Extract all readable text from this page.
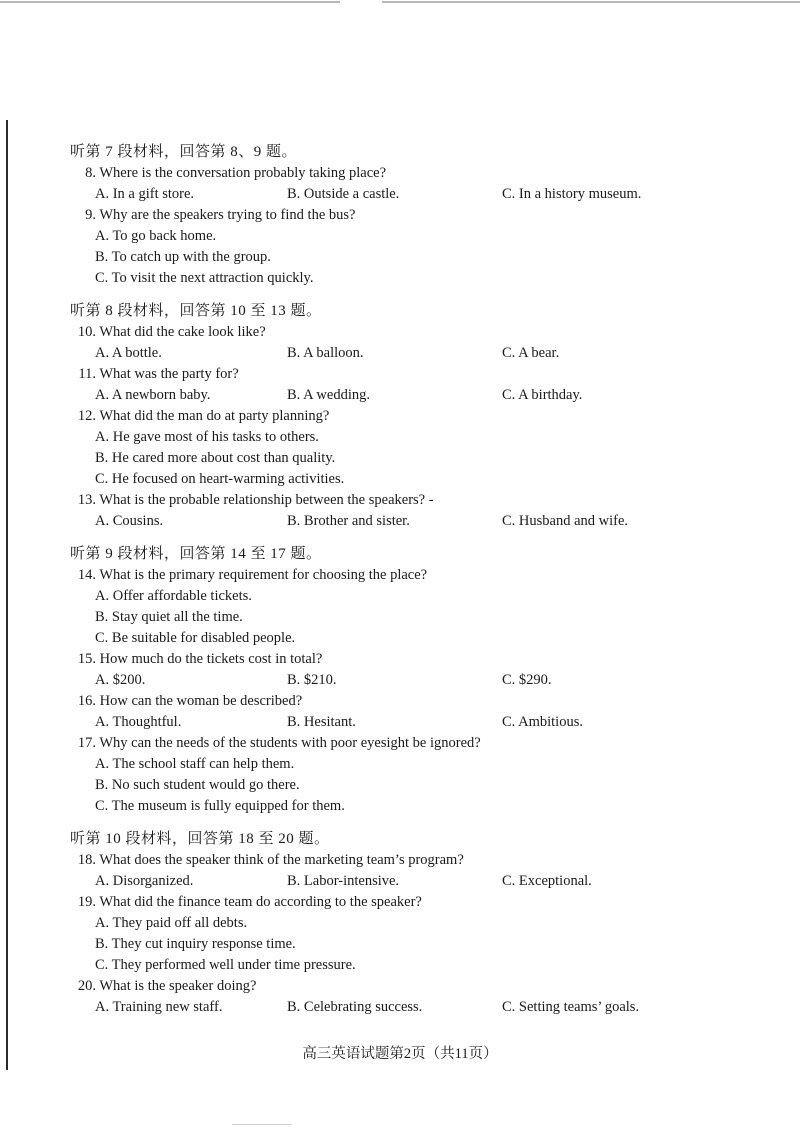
听第 7 段材料，回答第 8、9 题。
8. Where is the conversation probably taking place?
A. In a gift store.	B. Outside a castle.	C. In a history museum.
9. Why are the speakers trying to find the bus?
A. To go back home.
B. To catch up with the group.
C. To visit the next attraction quickly.
听第 8 段材料，回答第 10 至 13 题。
10. What did the cake look like?
A. A bottle.	B. A balloon.	C. A bear.
11. What was the party for?
A. A newborn baby.	B. A wedding.	C. A birthday.
12. What did the man do at party planning?
A. He gave most of his tasks to others.
B. He cared more about cost than quality.
C. He focused on heart-warming activities.
13. What is the probable relationship between the speakers? -
A. Cousins.	B. Brother and sister.	C. Husband and wife.
听第 9 段材料，回答第 14 至 17 题。
14. What is the primary requirement for choosing the place?
A. Offer affordable tickets.
B. Stay quiet all the time.
C. Be suitable for disabled people.
15. How much do the tickets cost in total?
A. $200.	B. $210.	C. $290.
16. How can the woman be described?
A. Thoughtful.	B. Hesitant.	C. Ambitious.
17. Why can the needs of the students with poor eyesight be ignored?
A. The school staff can help them.
B. No such student would go there.
C. The museum is fully equipped for them.
听第 10 段材料，回答第 18 至 20 题。
18. What does the speaker think of the marketing team’s program?
A. Disorganized.	B. Labor-intensive.	C. Exceptional.
19. What did the finance team do according to the speaker?
A. They paid off all debts.
B. They cut inquiry response time.
C. They performed well under time pressure.
20. What is the speaker doing?
A. Training new staff.	B. Celebrating success.	C. Setting teams’ goals.
高三英语试题第2页（共11页）
